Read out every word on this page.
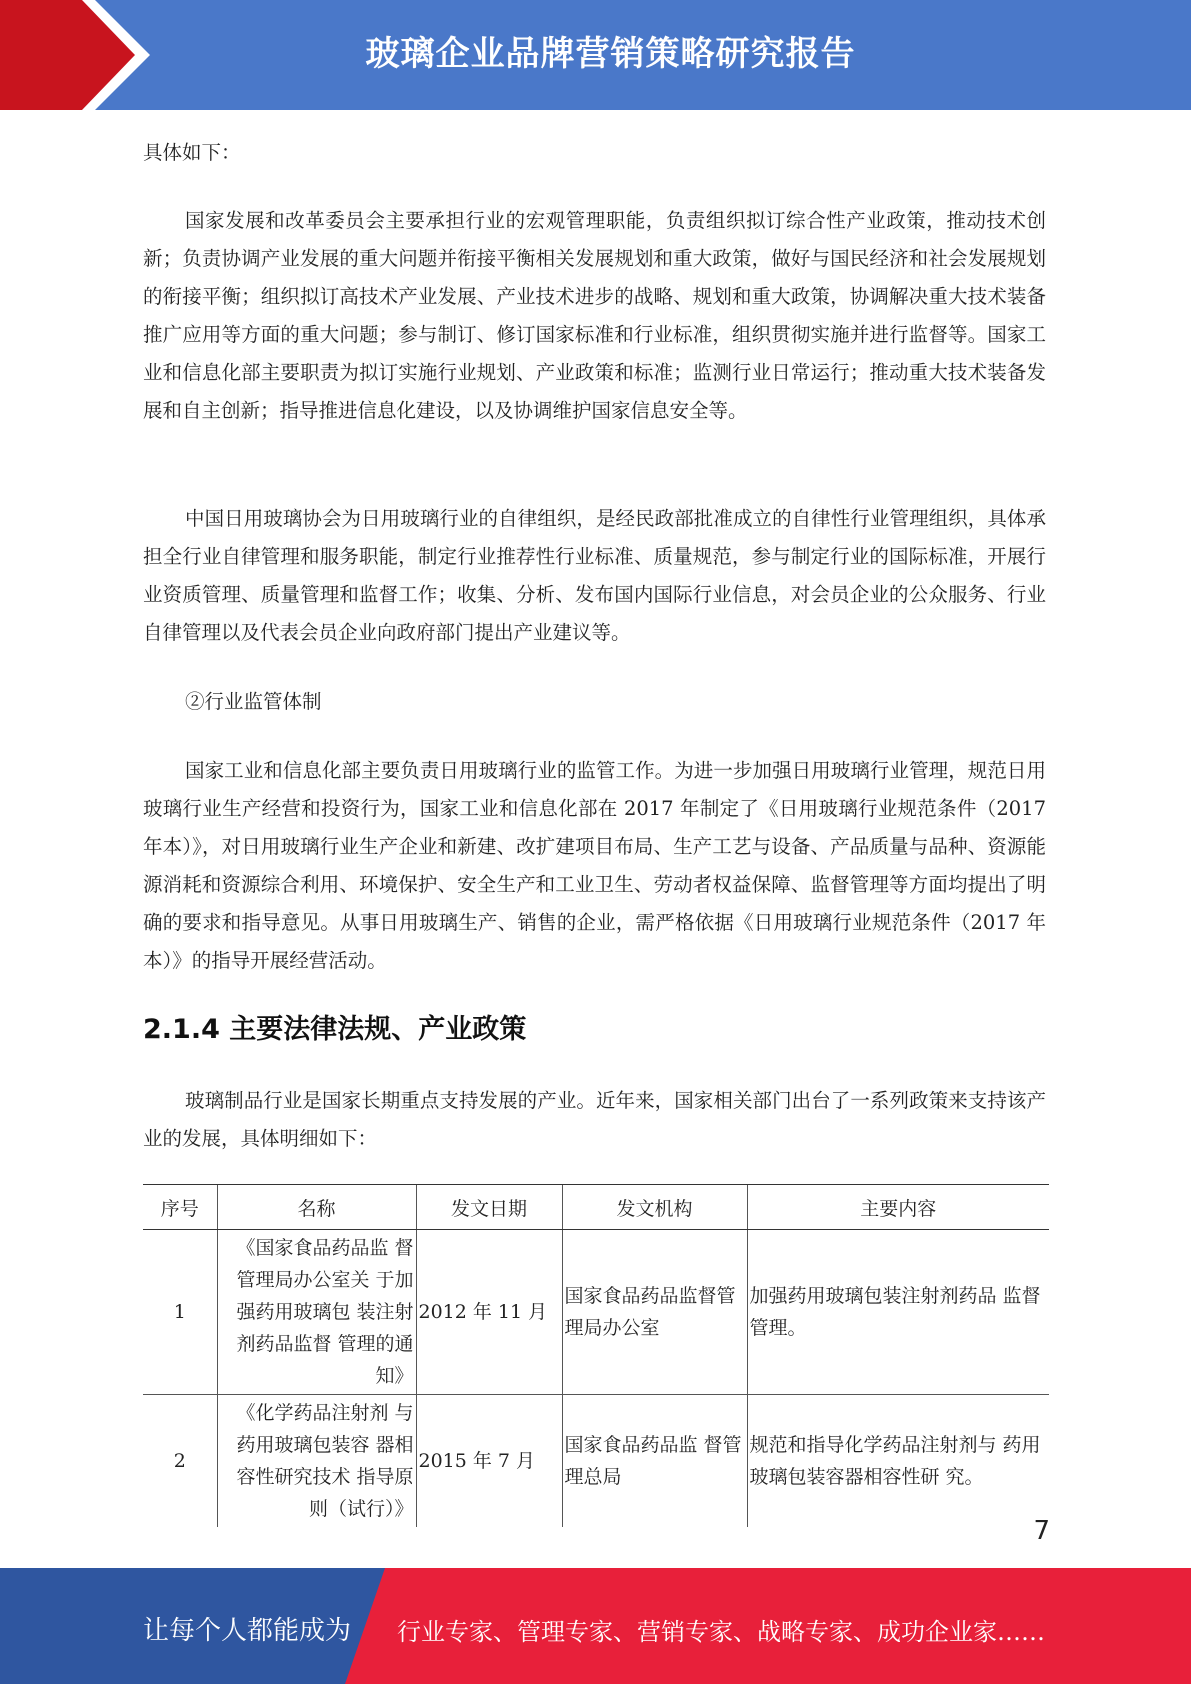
玻璃企业品牌营销策略研究报告
具体如下：
国家发展和改革委员会主要承担行业的宏观管理职能，负责组织拟订综合性产业政策，推动技术创新；负责协调产业发展的重大问题并衔接平衡相关发展规划和重大政策，做好与国民经济和社会发展规划的衔接平衡；组织拟订高技术产业发展、产业技术进步的战略、规划和重大政策，协调解决重大技术装备推广应用等方面的重大问题；参与制订、修订国家标准和行业标准，组织贯彻实施并进行监督等。国家工业和信息化部主要职责为拟订实施行业规划、产业政策和标准；监测行业日常运行；推动重大技术装备发展和自主创新；指导推进信息化建设，以及协调维护国家信息安全等。
中国日用玻璃协会为日用玻璃行业的自律组织，是经民政部批准成立的自律性行业管理组织，具体承担全行业自律管理和服务职能，制定行业推荐性行业标准、质量规范，参与制定行业的国际标准，开展行业资质管理、质量管理和监督工作；收集、分析、发布国内国际行业信息，对会员企业的公众服务、行业自律管理以及代表会员企业向政府部门提出产业建议等。
②行业监管体制
国家工业和信息化部主要负责日用玻璃行业的监管工作。为进一步加强日用玻璃行业管理，规范日用玻璃行业生产经营和投资行为，国家工业和信息化部在 2017 年制定了《日用玻璃行业规范条件（2017 年本）》，对日用玻璃行业生产企业和新建、改扩建项目布局、生产工艺与设备、产品质量与品种、资源能源消耗和资源综合利用、环境保护、安全生产和工业卫生、劳动者权益保障、监督管理等方面均提出了明确的要求和指导意见。从事日用玻璃生产、销售的企业，需严格依据《日用玻璃行业规范条件（2017 年本）》的指导开展经营活动。
2.1.4 主要法律法规、产业政策
玻璃制品行业是国家长期重点支持发展的产业。近年来，国家相关部门出台了一系列政策来支持该产业的发展，具体明细如下：
序号	名称	发文日期	发文机构	主要内容
1	《国家食品药品监 督管理局办公室关 于加强药用玻璃包 装注射剂药品监督 管理的通知》	2012 年 11 月	国家食品药品监督管理局办公室	加强药用玻璃包装注射剂药品 监督管理。
2	《化学药品注射剂 与药用玻璃包装容 器相容性研究技术 指导原则（试行）》	2015 年 7 月	国家食品药品监 督管理总局	规范和指导化学药品注射剂与 药用玻璃包装容器相容性研 究。
7
让每个人都能成为 行业专家、管理专家、营销专家、战略专家、成功企业家……
